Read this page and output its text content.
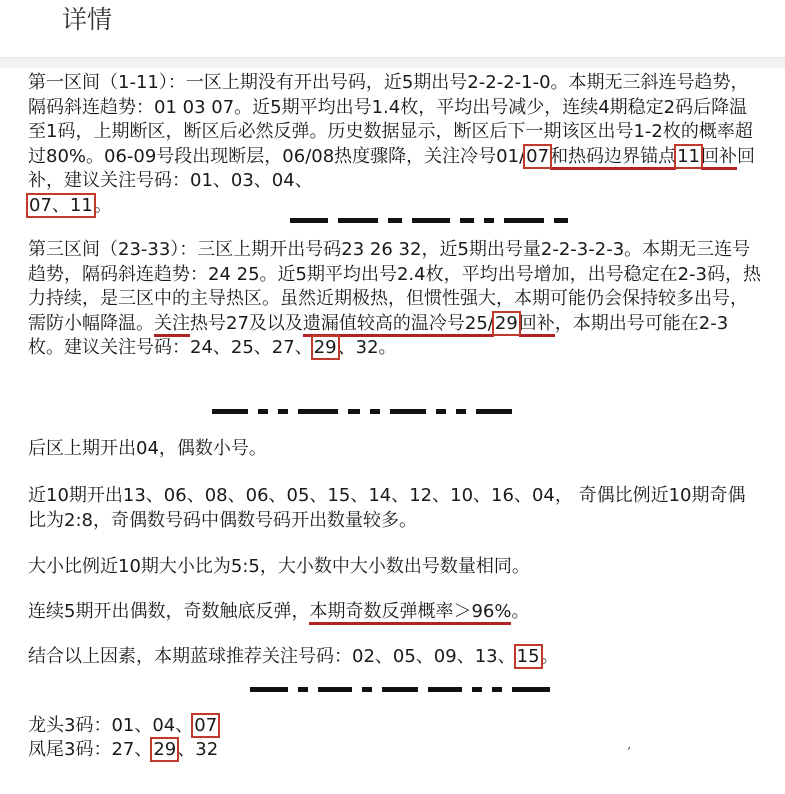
详情
第一区间（1-11）：一区上期没有开出号码，近5期出号2-2-2-1-0。本期无三斜连号趋势，隔码斜连趋势：01 03 07。近5期平均出号1.4枚，平均出号减少，连续4期稳定2码后降温至1码，上期断区，断区后必然反弹。历史数据显示，断区后下一期该区出号1-2枚的概率超过80%。06-09号段出现断层，06/08热度骤降，关注冷号01/07和热码边界锚点11回补回补，建议关注号码：01、03、04、
07、11。
第三区间（23-33）：三区上期开出号码23 26 32，近5期出号量2-2-3-2-3。本期无三连号趋势，隔码斜连趋势：24 25。近5期平均出号2.4枚，平均出号增加，出号稳定在2-3码，热力持续，是三区中的主导热区。虽然近期极热，但惯性强大，本期可能仍会保持较多出号，需防小幅降温。关注热号27及以及遗漏值较高的温冷号25/29回补，本期出号可能在2-3枚。建议关注号码：24、25、27、29、32。
后区上期开出04，偶数小号。
近10期开出13、06、08、06、05、15、14、12、10、16、04， 奇偶比例近10期奇偶比为2:8，奇偶数号码中偶数号码开出数量较多。
大小比例近10期大小比为5:5，大小数中大小数出号数量相同。
连续5期开出偶数，奇数触底反弹，本期奇数反弹概率＞96%。
结合以上因素，本期蓝球推荐关注号码：02、05、09、13、15。
龙头3码：01、04、07
凤尾3码：27、29、32	ˊ
